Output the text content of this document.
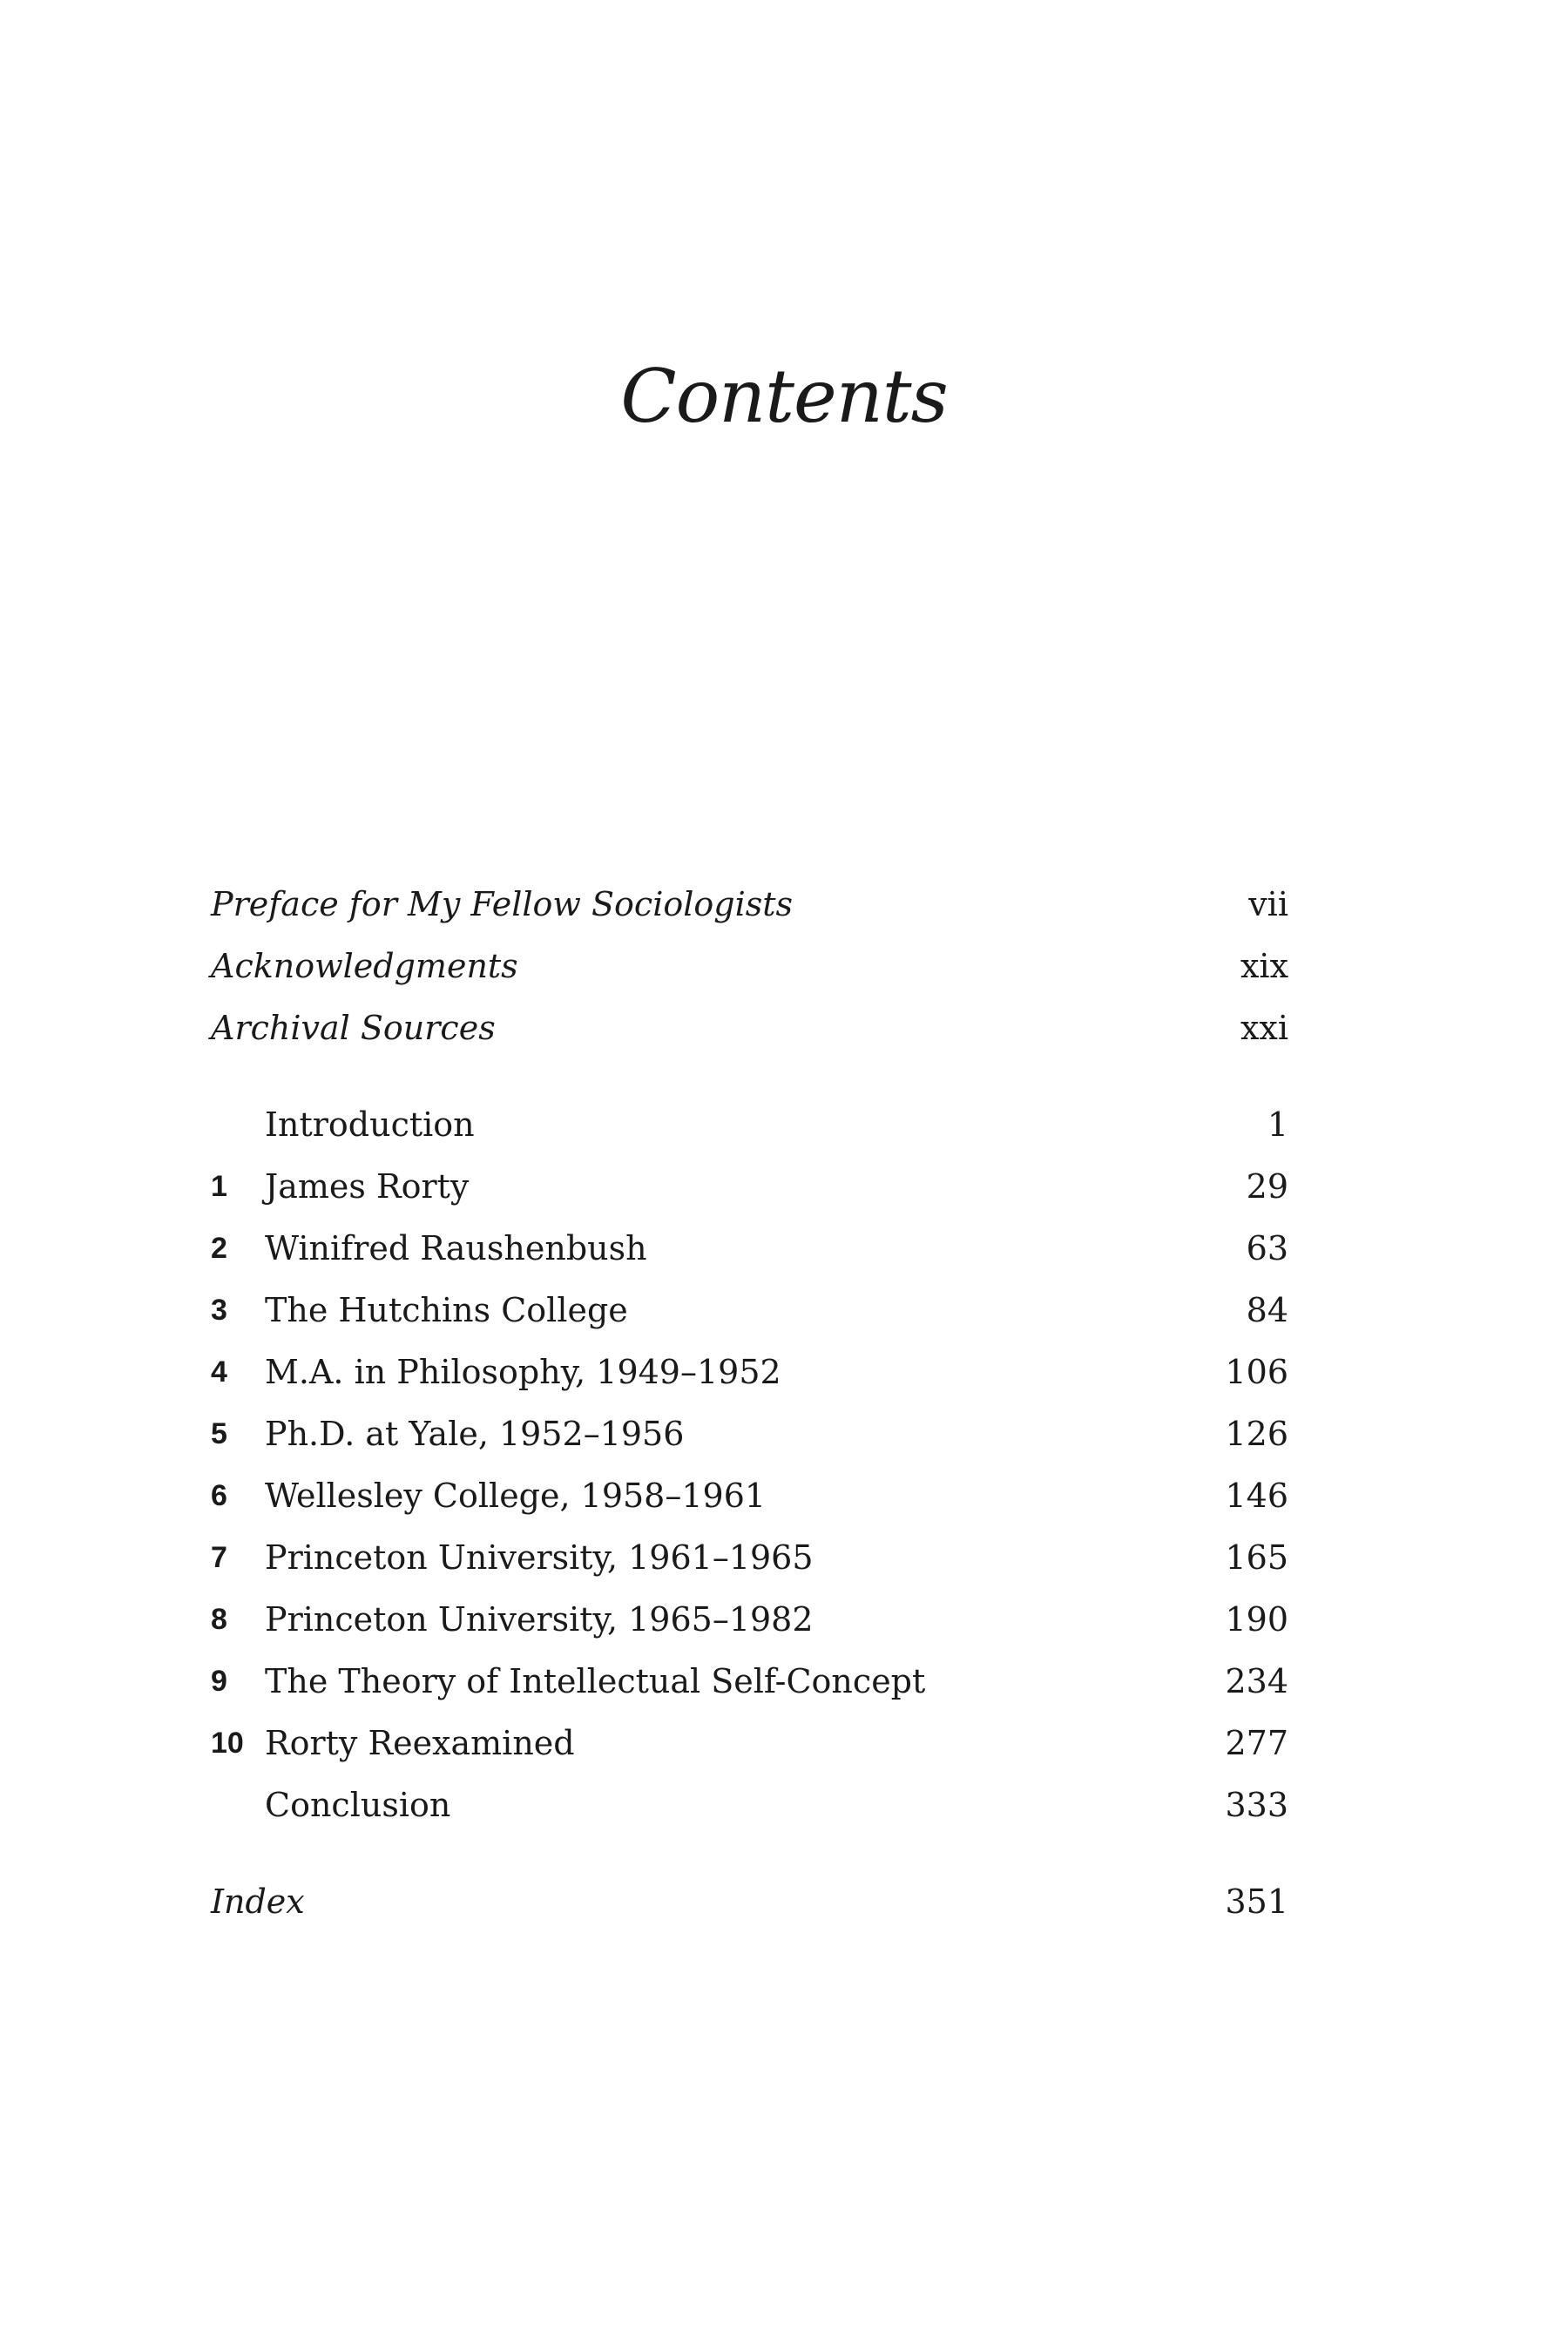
Contents
Preface for My Fellow Sociologists	vii
Acknowledgments	xix
Archival Sources	xxi
Introduction	1
1	James Rorty	29
2	Winifred Raushenbush	63
3	The Hutchins College	84
4	M.A. in Philosophy, 1949–1952	106
5	Ph.D. at Yale, 1952–1956	126
6	Wellesley College, 1958–1961	146
7	Princeton University, 1961–1965	165
8	Princeton University, 1965–1982	190
9	The Theory of Intellectual Self-Concept	234
10 Rorty Reexamined	277
Conclusion	333
Index	351
